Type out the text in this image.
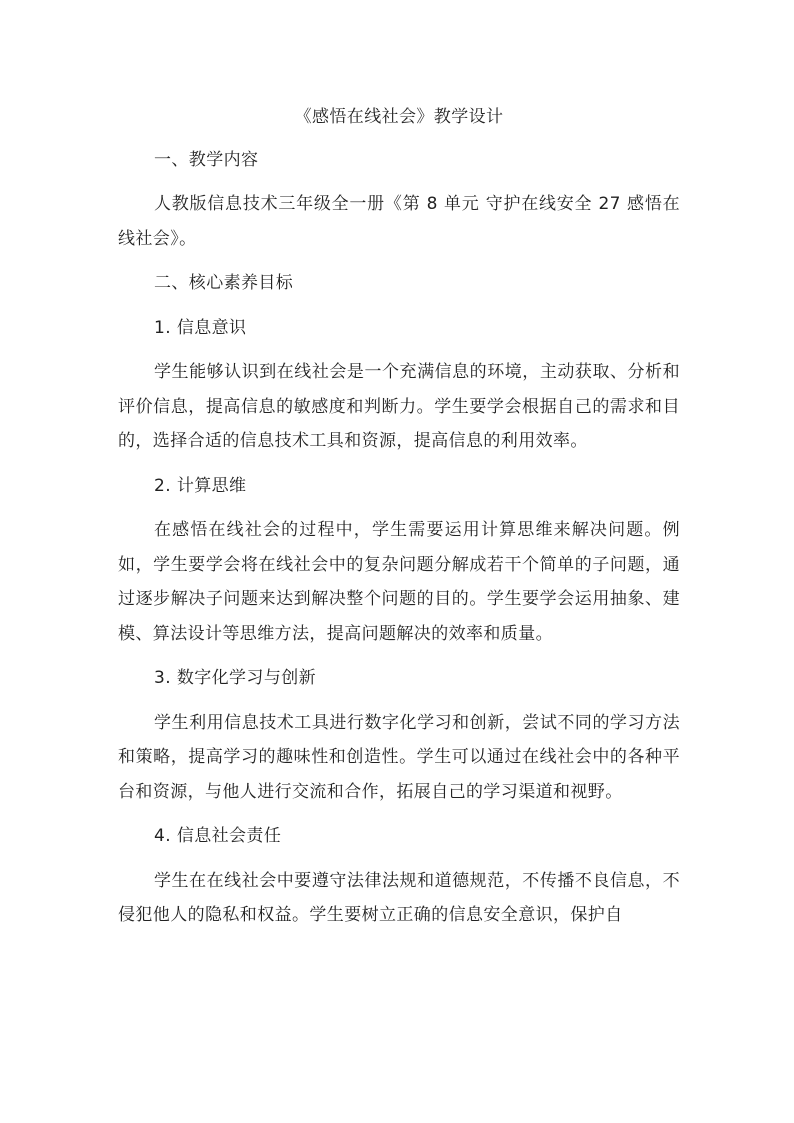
《感悟在线社会》教学设计
一、教学内容
人教版信息技术三年级全一册《第 8 单元 守护在线安全 27 感悟在线社会》。
二、核心素养目标
1. 信息意识
学生能够认识到在线社会是一个充满信息的环境，主动获取、分析和评价信息，提高信息的敏感度和判断力。学生要学会根据自己的需求和目的，选择合适的信息技术工具和资源，提高信息的利用效率。
2. 计算思维
在感悟在线社会的过程中，学生需要运用计算思维来解决问题。例如，学生要学会将在线社会中的复杂问题分解成若干个简单的子问题，通过逐步解决子问题来达到解决整个问题的目的。学生要学会运用抽象、建模、算法设计等思维方法，提高问题解决的效率和质量。
3. 数字化学习与创新
学生利用信息技术工具进行数字化学习和创新，尝试不同的学习方法和策略，提高学习的趣味性和创造性。学生可以通过在线社会中的各种平台和资源，与他人进行交流和合作，拓展自己的学习渠道和视野。
4. 信息社会责任
学生在在线社会中要遵守法律法规和道德规范，不传播不良信息，不侵犯他人的隐私和权益。学生要树立正确的信息安全意识，保护自
